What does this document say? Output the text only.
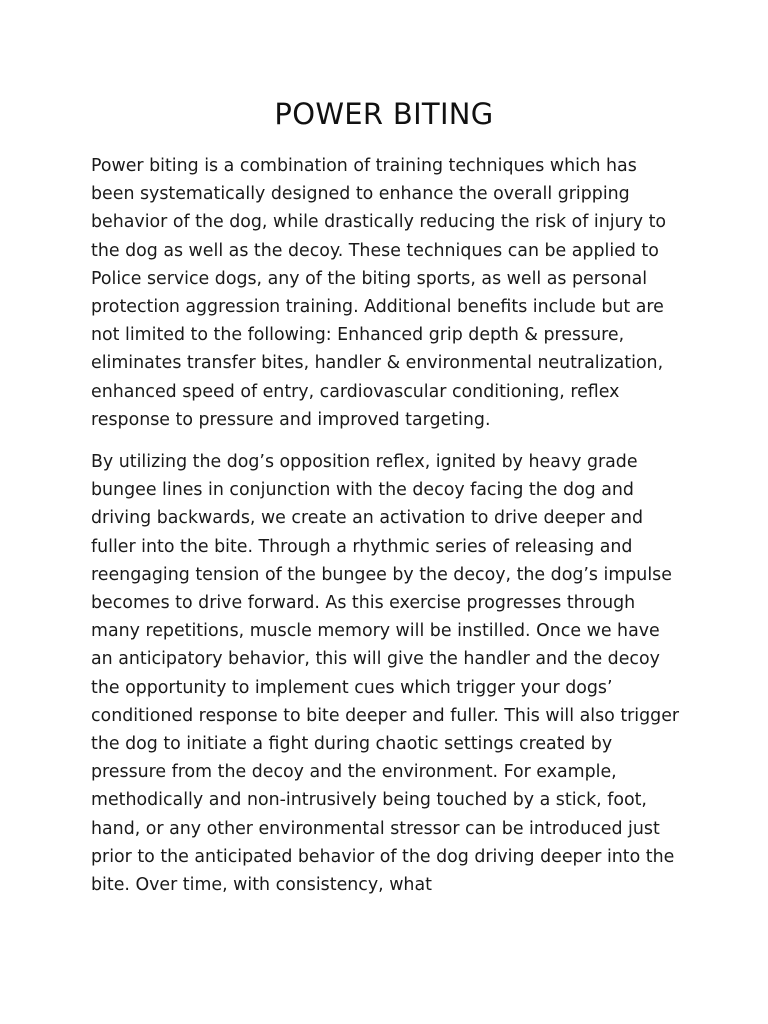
POWER BITING

Power biting is a combination of training techniques which has been systematically designed to enhance the overall gripping behavior of the dog, while drastically reducing the risk of injury to the dog as well as the decoy. These techniques can be applied to Police service dogs, any of the biting sports, as well as personal protection aggression training. Additional benefits include but are not limited to the following: Enhanced grip depth & pressure, eliminates transfer bites, handler & environmental neutralization, enhanced speed of entry, cardiovascular conditioning, reflex response to pressure and improved targeting.

By utilizing the dog’s opposition reflex, ignited by heavy grade bungee lines in conjunction with the decoy facing the dog and driving backwards, we create an activation to drive deeper and fuller into the bite. Through a rhythmic series of releasing and reengaging tension of the bungee by the decoy, the dog’s impulse becomes to drive forward. As this exercise progresses through many repetitions, muscle memory will be instilled. Once we have an anticipatory behavior, this will give the handler and the decoy the opportunity to implement cues which trigger your dogs’ conditioned response to bite deeper and fuller. This will also trigger the dog to initiate a fight during chaotic settings created by pressure from the decoy and the environment. For example, methodically and non-intrusively being touched by a stick, foot, hand, or any other environmental stressor can be introduced just prior to the anticipated behavior of the dog driving deeper into the bite. Over time, with consistency, what
